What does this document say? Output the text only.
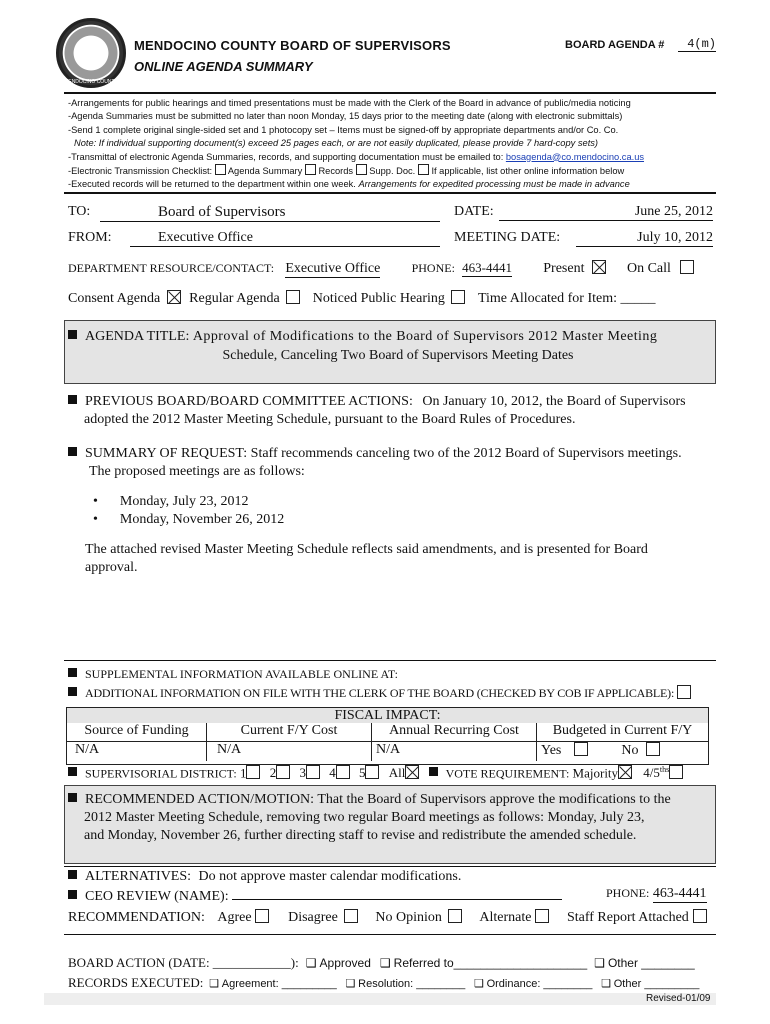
MENDOCINO COUNTY
MENDOCINO COUNTY BOARD OF SUPERVISORS
ONLINE AGENDA SUMMARY
BOARD AGENDA #	4(m)
-Arrangements for public hearings and timed presentations must be made with the Clerk of the Board in advance of public/media noticing
-Agenda Summaries must be submitted no later than noon Monday, 15 days prior to the meeting date (along with electronic submittals)
-Send 1 complete original single-sided set and 1 photocopy set – Items must be signed-off by appropriate departments and/or Co. Co.
Note: If individual supporting document(s) exceed 25 pages each, or are not easily duplicated, please provide 7 hard-copy sets)
-Transmittal of electronic Agenda Summaries, records, and supporting documentation must be emailed to: bosagenda@co.mendocino.ca.us
-Electronic Transmission Checklist: Agenda Summary Records Supp. Doc. If applicable, list other online information below
-Executed records will be returned to the department within one week. Arrangements for expedited processing must be made in advance
TO:	Board of Supervisors	DATE:	June 25, 2012
FROM:	Executive Office	MEETING DATE:	July 10, 2012
DEPARTMENT RESOURCE/CONTACT: Executive Office	PHONE: 463-4441 Present	On Call
Consent Agenda Regular Agenda Noticed Public Hearing Time Allocated for Item: _____
AGENDA TITLE: Approval of Modifications to the Board of Supervisors 2012 Master Meeting
Schedule, Canceling Two Board of Supervisors Meeting Dates
PREVIOUS BOARD/BOARD COMMITTEE ACTIONS: On January 10, 2012, the Board of Supervisors
adopted the 2012 Master Meeting Schedule, pursuant to the Board Rules of Procedures.
SUMMARY OF REQUEST: Staff recommends canceling two of the 2012 Board of Supervisors meetings.
The proposed meetings are as follows:
• Monday, July 23, 2012
• Monday, November 26, 2012
The attached revised Master Meeting Schedule reflects said amendments, and is presented for Board
approval.
SUPPLEMENTAL INFORMATION AVAILABLE ONLINE AT:
ADDITIONAL INFORMATION ON FILE WITH THE CLERK OF THE BOARD (CHECKED BY COB IF APPLICABLE):
FISCAL IMPACT:
Source of Funding	Current F/Y Cost	Annual Recurring Cost	Budgeted in Current F/Y
N/A	N/A	N/A	Yes	No
SUPERVISORIAL DISTRICT: 1 2 3 4 5 All	VOTE REQUIREMENT: Majority $4/5^{ths}$
RECOMMENDED ACTION/MOTION: That the Board of Supervisors approve the modifications to the
2012 Master Meeting Schedule, removing two regular Board meetings as follows: Monday, July 23,
and Monday, November 26, further directing staff to revise and redistribute the amended schedule.
ALTERNATIVES: Do not approve master calendar modifications.
CEO REVIEW (NAME):	PHONE: 463-4441
RECOMMENDATION: Agree	Disagree	No Opinion	Alternate	Staff Report Attached
BOARD ACTION (DATE: ____________): ❑ Approved ❑ Referred to____________________ ❑ Other ________
RECORDS EXECUTED: ❑ Agreement: _________ ❑ Resolution: ________ ❑ Ordinance: ________ ❑ Other _________
Revised-01/09
